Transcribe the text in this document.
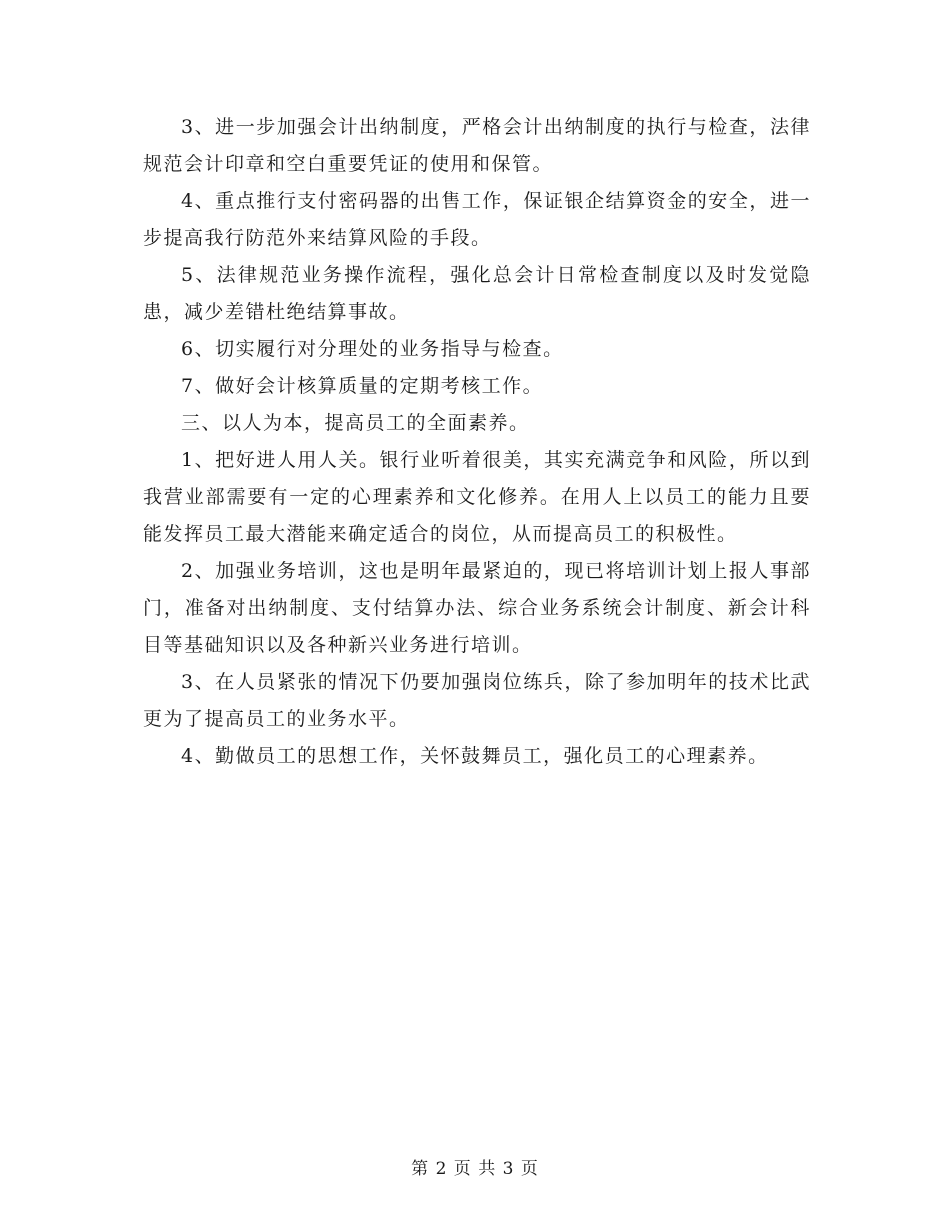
3、进一步加强会计出纳制度，严格会计出纳制度的执行与检查，法律规范会计印章和空白重要凭证的使用和保管。

4、重点推行支付密码器的出售工作，保证银企结算资金的安全，进一步提高我行防范外来结算风险的手段。

5、法律规范业务操作流程，强化总会计日常检查制度以及时发觉隐患，减少差错杜绝结算事故。

6、切实履行对分理处的业务指导与检查。

7、做好会计核算质量的定期考核工作。

三、以人为本，提高员工的全面素养。

1、把好进人用人关。银行业听着很美，其实充满竞争和风险，所以到我营业部需要有一定的心理素养和文化修养。在用人上以员工的能力且要能发挥员工最大潜能来确定适合的岗位，从而提高员工的积极性。

2、加强业务培训，这也是明年最紧迫的，现已将培训计划上报人事部门，准备对出纳制度、支付结算办法、综合业务系统会计制度、新会计科目等基础知识以及各种新兴业务进行培训。

3、在人员紧张的情况下仍要加强岗位练兵，除了参加明年的技术比武更为了提高员工的业务水平。

4、勤做员工的思想工作，关怀鼓舞员工，强化员工的心理素养。

第 2 页 共 3 页
